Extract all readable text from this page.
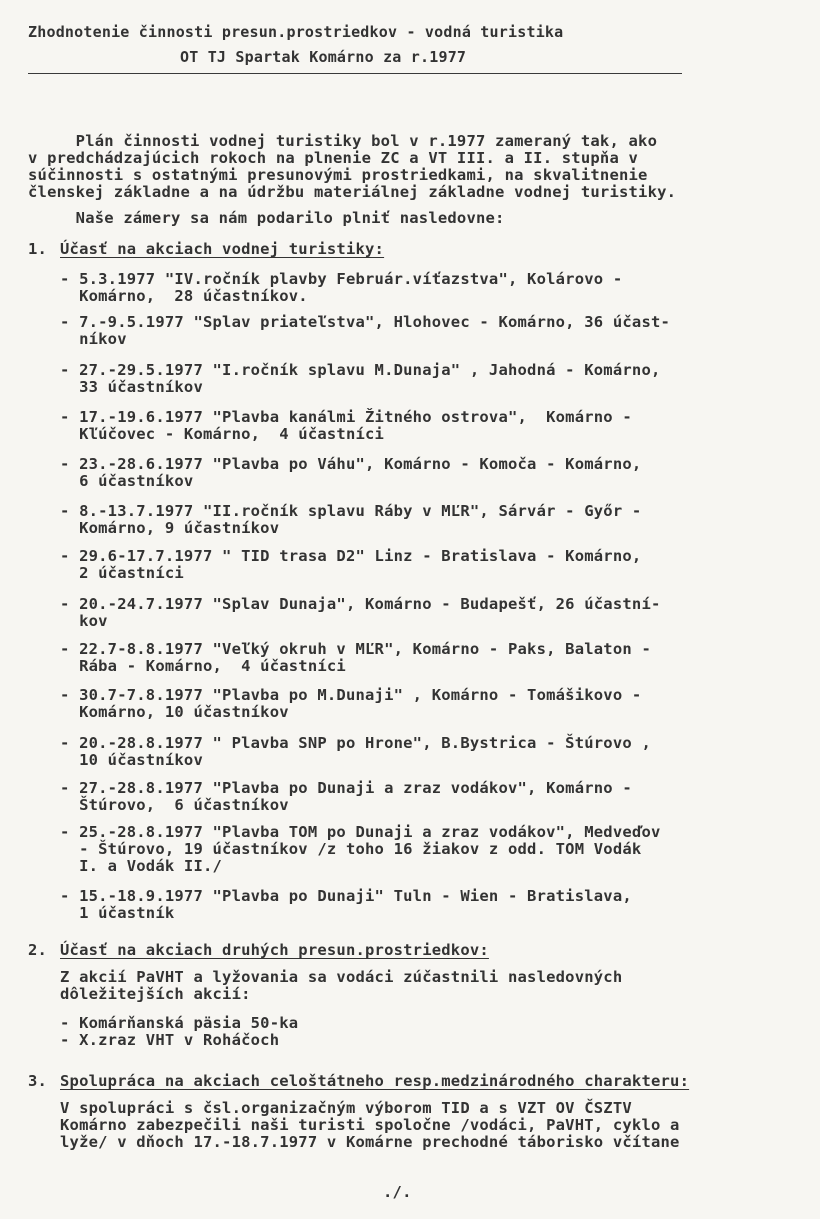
Zhodnotenie činnosti presun.prostriedkov - vodná turistika
OT TJ Spartak Komárno za r.1977
Plán činnosti vodnej turistiky bol v r.1977 zameraný tak, ako
v predchádzajúcich rokoch na plnenie ZC a VT III. a II. stupňa v
súčinnosti s ostatnými presunovými prostriedkami, na skvalitnenie
členskej základne a na údržbu materiálnej základne vodnej turistiky.
Naše zámery sa nám podarilo plniť nasledovne:
1. Účasť na akciach vodnej turistiky:
- 5.3.1977 "IV.ročník plavby Február.víťazstva", Kolárovo -
Komárno,  28 účastníkov.
- 7.-9.5.1977 "Splav priateľstva", Hlohovec - Komárno, 36 účast-
níkov
- 27.-29.5.1977 "I.ročník splavu M.Dunaja" , Jahodná - Komárno,
33 účastníkov
- 17.-19.6.1977 "Plavba kanálmi Žitného ostrova",  Komárno -
Kľúčovec - Komárno,  4 účastníci
- 23.-28.6.1977 "Plavba po Váhu", Komárno - Komoča - Komárno,
6 účastníkov
- 8.-13.7.1977 "II.ročník splavu Ráby v MĽR", Sárvár - Győr -
Komárno, 9 účastníkov
- 29.6-17.7.1977 " TID trasa D2" Linz - Bratislava - Komárno,
2 účastníci
- 20.-24.7.1977 "Splav Dunaja", Komárno - Budapešť, 26 účastní-
kov
- 22.7-8.8.1977 "Veľký okruh v MĽR", Komárno - Paks, Balaton -
Rába - Komárno,  4 účastníci
- 30.7-7.8.1977 "Plavba po M.Dunaji" , Komárno - Tomášikovo -
Komárno, 10 účastníkov
- 20.-28.8.1977 " Plavba SNP po Hrone", B.Bystrica - Štúrovo ,
10 účastníkov
- 27.-28.8.1977 "Plavba po Dunaji a zraz vodákov", Komárno -
Štúrovo,  6 účastníkov
- 25.-28.8.1977 "Plavba TOM po Dunaji a zraz vodákov", Medveďov
- Štúrovo, 19 účastníkov /z toho 16 žiakov z odd. TOM Vodák
I. a Vodák II./
- 15.-18.9.1977 "Plavba po Dunaji" Tuln - Wien - Bratislava,
1 účastník
2. Účasť na akciach druhých presun.prostriedkov:
Z akcií PaVHT a lyžovania sa vodáci zúčastnili nasledovných
dôležitejších akcií:
- Komárňanská päsia 50-ka
- X.zraz VHT v Roháčoch
3. Spolupráca na akciach celoštátneho resp.medzinárodného charakteru:
V spolupráci s čsl.organizačným výborom TID a s VZT OV ČSZTV
Komárno zabezpečili naši turisti spoločne /vodáci, PaVHT, cyklo a
lyže/ v dňoch 17.-18.7.1977 v Komárne prechodné táborisko včítane
./.
